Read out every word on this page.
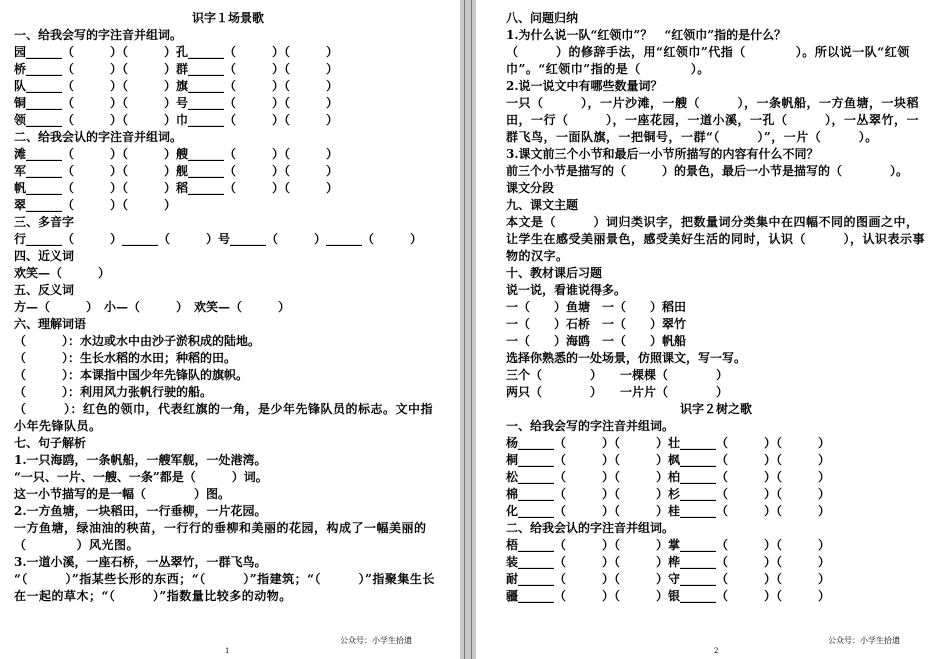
识字１场景歌
一、给我会写的字注音并组词。
园______（　　　）（　　　）孔______（　　　）（　　　）
桥______（　　　）（　　　）群______（　　　）（　　　）
队______（　　　）（　　　）旗______（　　　）（　　　）
铜______（　　　）（　　　）号______（　　　）（　　　）
领______（　　　）（　　　）巾______（　　　）（　　　）
二、给我会认的字注音并组词。
滩______（　　　）（　　　）艘______（　　　）（　　　）
军______（　　　）（　　　）舰______（　　　）（　　　）
帆______（　　　）（　　　）稻______（　　　）（　　　）
翠______（　　　）（　　　）
三、多音字
行______（　　　）______（　　　）号______（　　　）______（　　　）
四、近义词
欢笑—（　　　）
五、反义词
方—（　　　）　小—（　　　）　欢笑—（　　　）
六、理解词语
（　　　）：水边或水中由沙子淤积成的陆地。
（　　　）：生长水稻的水田；种稻的田。
（　　　）：本课指中国少年先锋队的旗帜。
（　　　）：利用风力张帆行驶的船。
（　　　）：红色的领巾，代表红旗的一角，是少年先锋队员的标志。文中指小年先锋队员。
七、句子解析
1.一只海鸥，一条帆船，一艘军舰，一处港湾。
“一只、一片、一艘、一条”都是（　　　）词。
这一小节描写的是一幅（　　　　）图。
2.一方鱼塘，一块稻田，一行垂柳，一片花园。
一方鱼塘，绿油油的秧苗，一行行的垂柳和美丽的花园，构成了一幅美丽的（　　　　）风光图。
3.一道小溪，一座石桥，一丛翠竹，一群飞鸟。
“（　　　）”指某些长形的东西；“（　　　）”指建筑；“（　　　）”指聚集生长在一起的草木；“（　　　）”指数量比较多的动物。
1
公众号：小学生拾遗
八、问题归纳
1.为什么说一队“红领巾”？　“红领巾”指的是什么？
（　　　）的修辞手法，用“红领巾”代指（　　　　）。所以说一队“红领巾”。“红领巾”指的是（　　　　）。
2.说一说文中有哪些数量词？
一只（　　　），一片沙滩，一艘（　　　），一条帆船，一方鱼塘，一块稻田，一行（　　　），一座花园，一道小溪，一孔（　　　），一丛翠竹，一群飞鸟，一面队旗，一把铜号，一群“（　　　）”，一片（　　　）。
3.课文前三个小节和最后一小节所描写的内容有什么不同？
前三个小节是描写的（　　　）的景色，最后一小节是描写的（　　　　）。
课文分段
九、课文主题
本文是（　　　）词归类识字，把数量词分类集中在四幅不同的图画之中，让学生在感受美丽景色，感受美好生活的同时，认识（　　　），认识表示事物的汉字。
十、教材课后习题
说一说，看谁说得多。
一（　　）鱼塘　一（　　）稻田
一（　　）石桥　一（　　）翠竹
一（　　）海鸥　一（　　）帆船
选择你熟悉的一处场景，仿照课文，写一写。
三个（　　　　）　　一棵棵（　　　　）
两只（　　　　）　　一片片（　　　　）
识字２树之歌
一、给我会写的字注音并组词。
杨______（　　　）（　　　）壮______（　　　）（　　　）
桐______（　　　）（　　　）枫______（　　　）（　　　）
松______（　　　）（　　　）柏______（　　　）（　　　）
棉______（　　　）（　　　）杉______（　　　）（　　　）
化______（　　　）（　　　）桂______（　　　）（　　　）
二、给我会认的字注音并组词。
梧______（　　　）（　　　）掌______（　　　）（　　　）
装______（　　　）（　　　）桦______（　　　）（　　　）
耐______（　　　）（　　　）守______（　　　）（　　　）
疆______（　　　）（　　　）银______（　　　）（　　　）
2
公众号：小学生拾遗
